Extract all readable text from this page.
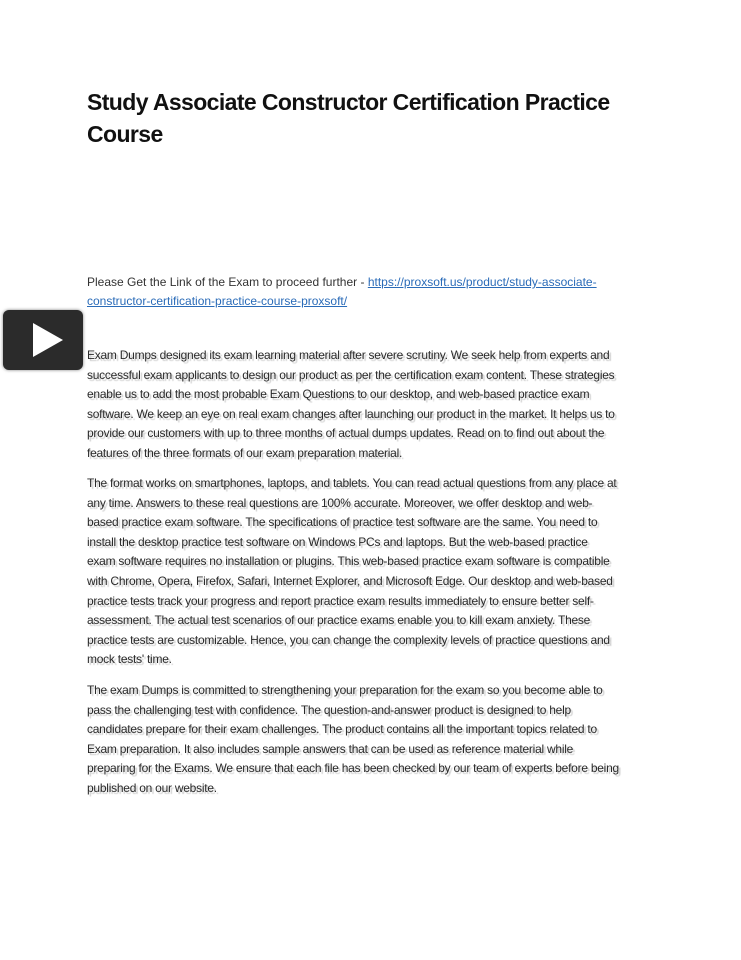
Study Associate Constructor Certification Practice
Course
Please Get the Link of the Exam to proceed further - https://proxsoft.us/product/study-associate-
constructor-certification-practice-course-proxsoft/
Exam Dumps designed its exam learning material after severe scrutiny. We seek help from experts and
successful exam applicants to design our product as per the certification exam content. These strategies
enable us to add the most probable Exam Questions to our desktop, and web-based practice exam
software. We keep an eye on real exam changes after launching our product in the market. It helps us to
provide our customers with up to three months of actual dumps updates. Read on to find out about the
features of the three formats of our exam preparation material.
The format works on smartphones, laptops, and tablets. You can read actual questions from any place at
any time. Answers to these real questions are 100% accurate. Moreover, we offer desktop and web-
based practice exam software. The specifications of practice test software are the same. You need to
install the desktop practice test software on Windows PCs and laptops. But the web-based practice
exam software requires no installation or plugins. This web-based practice exam software is compatible
with Chrome, Opera, Firefox, Safari, Internet Explorer, and Microsoft Edge. Our desktop and web-based
practice tests track your progress and report practice exam results immediately to ensure better self-
assessment. The actual test scenarios of our practice exams enable you to kill exam anxiety. These
practice tests are customizable. Hence, you can change the complexity levels of practice questions and
mock tests' time.
The exam Dumps is committed to strengthening your preparation for the exam so you become able to
pass the challenging test with confidence. The question-and-answer product is designed to help
candidates prepare for their exam challenges. The product contains all the important topics related to
Exam preparation. It also includes sample answers that can be used as reference material while
preparing for the Exams. We ensure that each file has been checked by our team of experts before being
published on our website.
